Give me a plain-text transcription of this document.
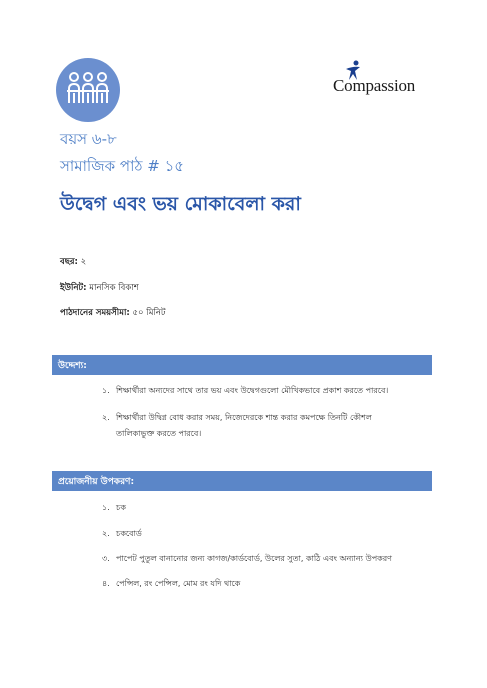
Compassion
বয়স ৬-৮
সামাজিক পাঠ # ১৫
উদ্বেগ এবং ভয় মোকাবেলা করা
বছর: ২
ইউনিট: মানসিক বিকাশ
পাঠদানের সময়সীমা: ৫০ মিনিট
উদ্দেশ্য:
১. শিক্ষার্থীরা অন্যদের সাথে তার ভয় এবং উদ্বেগগুলো মৌখিকভাবে প্রকাশ করতে পারবে।
২. শিক্ষার্থীরা উদ্বিগ্ন বোধ করার সময়, নিজেদেরকে শান্ত করার কমপক্ষে তিনটি কৌশল তালিকাভুক্ত করতে পারবে।
প্রয়োজনীয় উপকরণ:
১. চক
২. চকবোর্ড
৩. পাপেট পুতুল বানানোর জন্য কাগজ/কার্ডবোর্ড, উলের সুতা, কাঠি এবং অন্যান্য উপকরণ
৪. পেন্সিল, রং পেন্সিল, মোম রং যদি থাকে
